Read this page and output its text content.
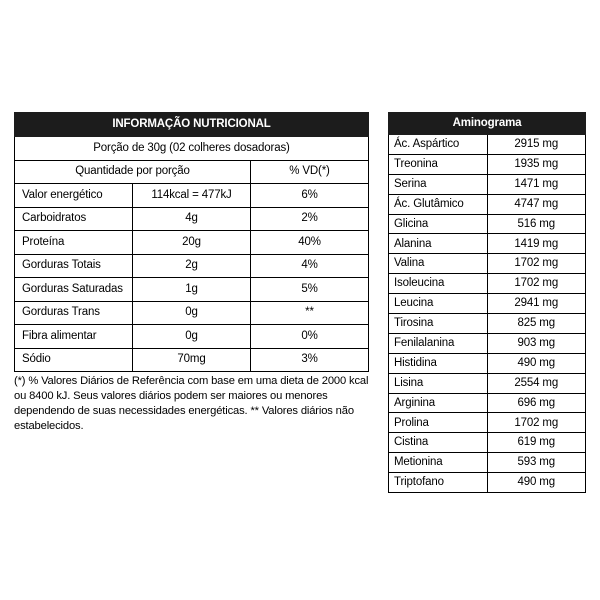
INFORMAÇÃO NUTRICIONAL		
Porção de 30g (02 colheres dosadoras)		
Quantidade por porção		% VD(*)
Valor energético	114kcal = 477kJ	6%
Carboidratos	4g	2%
Proteína	20g	40%
Gorduras Totais	2g	4%
Gorduras Saturadas	1g	5%
Gorduras Trans	0g	**
Fibra alimentar	0g	0%
Sódio	70mg	3%
(*) % Valores Diários de Referência com base em uma dieta de 2000 kcal ou 8400 kJ. Seus valores diários podem ser maiores ou menores dependendo de suas necessidades energéticas. ** Valores diários não estabelecidos.
Aminograma	
Ác. Aspártico	2915 mg
Treonina	1935 mg
Serina	1471 mg
Ác. Glutâmico	4747 mg
Glicina	516 mg
Alanina	1419 mg
Valina	1702 mg
Isoleucina	1702 mg
Leucina	2941 mg
Tirosina	825 mg
Fenilalanina	903 mg
Histidina	490 mg
Lisina	2554 mg
Arginina	696 mg
Prolina	1702 mg
Cistina	619 mg
Metionina	593 mg
Triptofano	490 mg
